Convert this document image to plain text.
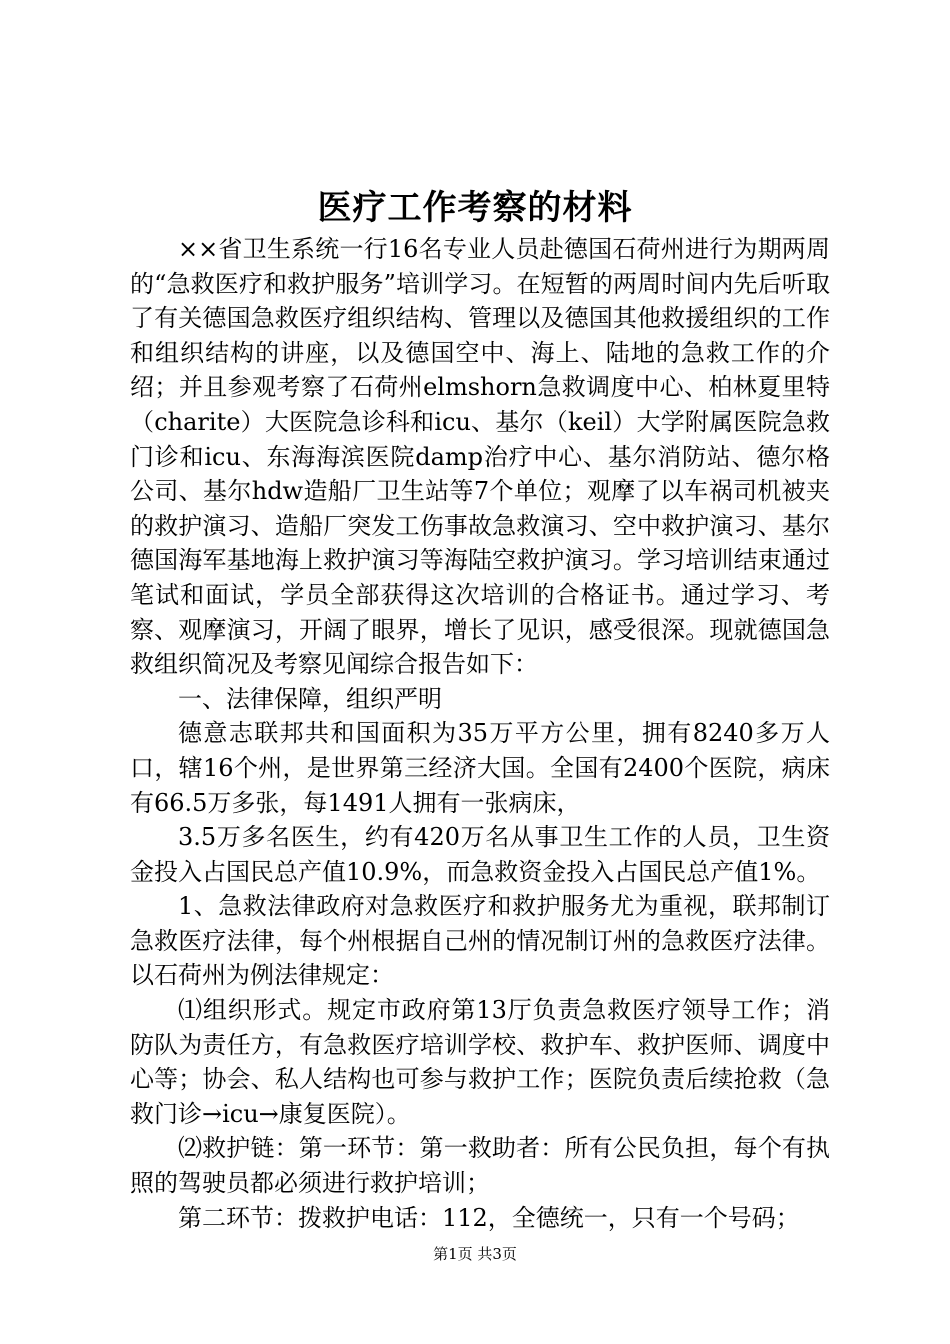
医疗工作考察的材料

××省卫生系统一行16名专业人员赴德国石荷州进行为期两周的“急救医疗和救护服务”培训学习。在短暂的两周时间内先后听取了有关德国急救医疗组织结构、管理以及德国其他救援组织的工作和组织结构的讲座，以及德国空中、海上、陆地的急救工作的介绍；并且参观考察了石荷州elmshorn急救调度中心、柏林夏里特（charite）大医院急诊科和icu、基尔（keil）大学附属医院急救门诊和icu、东海海滨医院damp治疗中心、基尔消防站、德尔格公司、基尔hdw造船厂卫生站等7个单位；观摩了以车祸司机被夹的救护演习、造船厂突发工伤事故急救演习、空中救护演习、基尔德国海军基地海上救护演习等海陆空救护演习。学习培训结束通过笔试和面试，学员全部获得这次培训的合格证书。通过学习、考察、观摩演习，开阔了眼界，增长了见识，感受很深。现就德国急救组织简况及考察见闻综合报告如下：

一、法律保障，组织严明

德意志联邦共和国面积为35万平方公里，拥有8240多万人口，辖16个州，是世界第三经济大国。全国有2400个医院，病床有66.5万多张，每1491人拥有一张病床，

3.5万多名医生，约有420万名从事卫生工作的人员，卫生资金投入占国民总产值10.9%，而急救资金投入占国民总产值1%。

1、急救法律政府对急救医疗和救护服务尤为重视，联邦制订急救医疗法律，每个州根据自己州的情况制订州的急救医疗法律。以石荷州为例法律规定：

⑴组织形式。规定市政府第13厅负责急救医疗领导工作；消防队为责任方，有急救医疗培训学校、救护车、救护医师、调度中心等；协会、私人结构也可参与救护工作；医院负责后续抢救（急救门诊→icu→康复医院）。

⑵救护链：第一环节：第一救助者：所有公民负担，每个有执照的驾驶员都必须进行救护培训；

第二环节：拨救护电话：112，全德统一，只有一个号码；

第1页 共3页
